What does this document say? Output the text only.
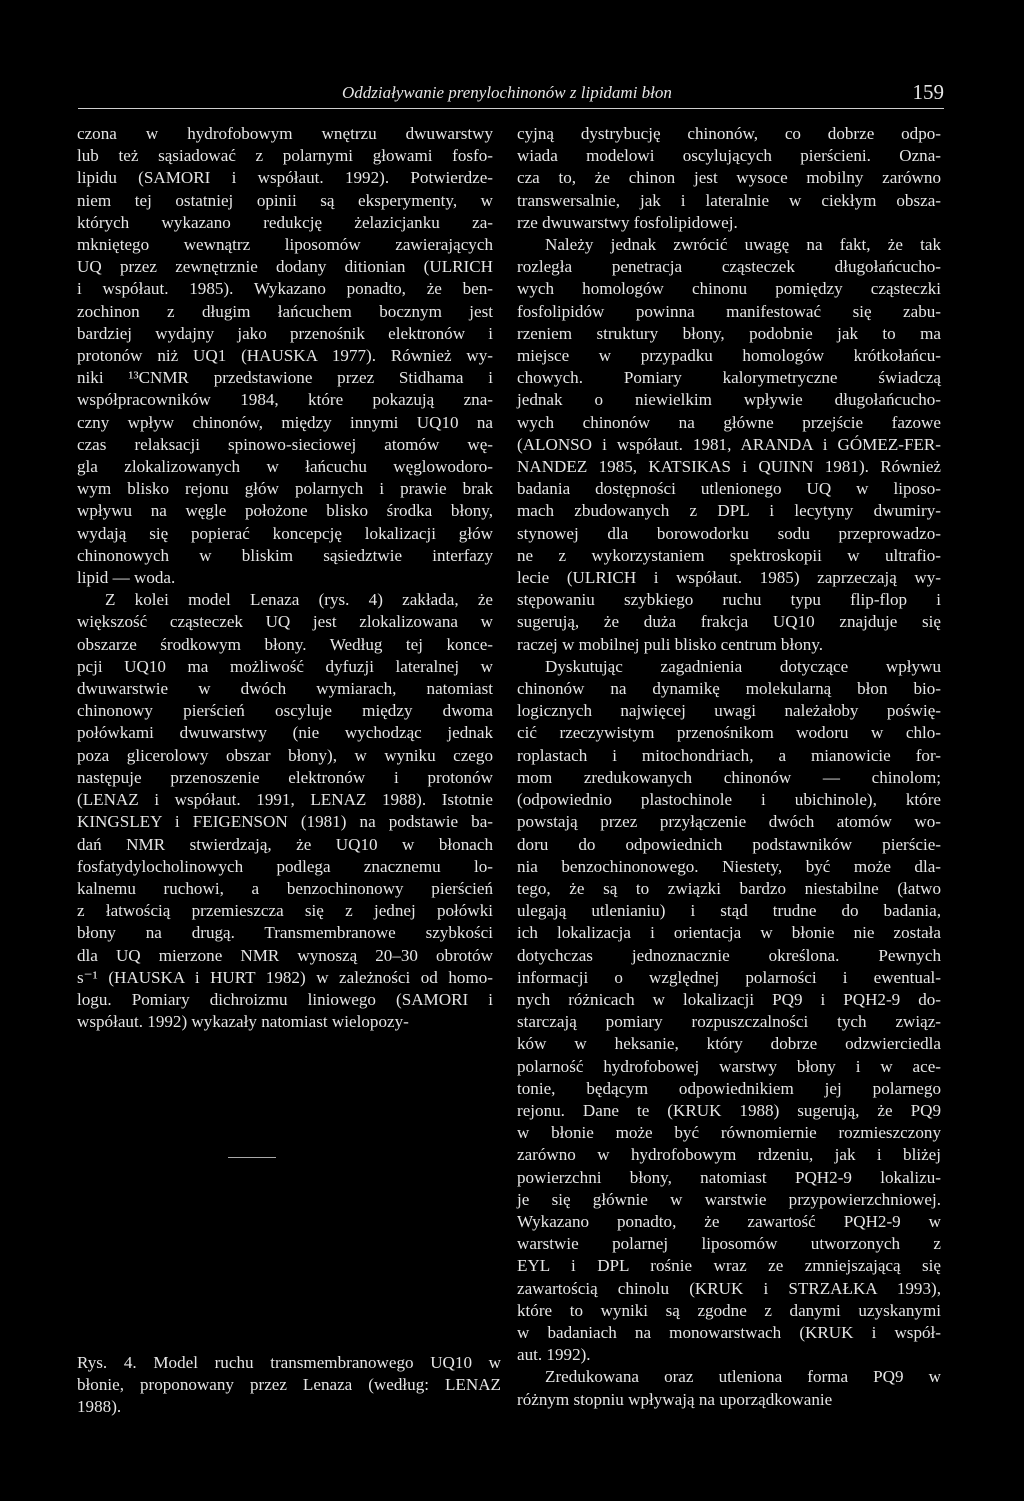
Oddziaływanie prenylochinonów z lipidami błon	159
czona w hydrofobowym wnętrzu dwuwarstwy
lub też sąsiadować z polarnymi głowami fosfo-
lipidu (SAMORI i współaut. 1992). Potwierdze-
niem tej ostatniej opinii są eksperymenty, w
których wykazano redukcję żelazicjanku za-
mkniętego wewnątrz liposomów zawierających
UQ przez zewnętrznie dodany ditionian (ULRICH
i współaut. 1985). Wykazano ponadto, że ben-
zochinon z długim łańcuchem bocznym jest
bardziej wydajny jako przenośnik elektronów i
protonów niż UQ1 (HAUSKA 1977). Również wy-
niki ¹³CNMR przedstawione przez Stidhama i
współpracowników 1984, które pokazują zna-
czny wpływ chinonów, między innymi UQ10 na
czas relaksacji spinowo-sieciowej atomów wę-
gla zlokalizowanych w łańcuchu węglowodoro-
wym blisko rejonu głów polarnych i prawie brak
wpływu na węgle położone blisko środka błony,
wydają się popierać koncepcję lokalizacji głów
chinonowych w bliskim sąsiedztwie interfazy
lipid — woda.
Z kolei model Lenaza (rys. 4) zakłada, że
większość cząsteczek UQ jest zlokalizowana w
obszarze środkowym błony. Według tej konce-
pcji UQ10 ma możliwość dyfuzji lateralnej w
dwuwarstwie w dwóch wymiarach, natomiast
chinonowy pierścień oscyluje między dwoma
połówkami dwuwarstwy (nie wychodząc jednak
poza glicerolowy obszar błony), w wyniku czego
następuje przenoszenie elektronów i protonów
(LENAZ i współaut. 1991, LENAZ 1988). Istotnie
KINGSLEY i FEIGENSON (1981) na podstawie ba-
dań NMR stwierdzają, że UQ10 w błonach
fosfatydylocholinowych podlega znacznemu lo-
kalnemu ruchowi, a benzochinonowy pierścień
z łatwością przemieszcza się z jednej połówki
błony na drugą. Transmembranowe szybkości
dla UQ mierzone NMR wynoszą 20–30 obrotów
s⁻¹ (HAUSKA i HURT 1982) w zależności od homo-
logu. Pomiary dichroizmu liniowego (SAMORI i
współaut. 1992) wykazały natomiast wielopozy-
cyjną dystrybucję chinonów, co dobrze odpo-
wiada modelowi oscylujących pierścieni. Ozna-
cza to, że chinon jest wysoce mobilny zarówno
transwersalnie, jak i lateralnie w ciekłym obsza-
rze dwuwarstwy fosfolipidowej.
Należy jednak zwrócić uwagę na fakt, że tak
rozległa penetracja cząsteczek długołańcucho-
wych homologów chinonu pomiędzy cząsteczki
fosfolipidów powinna manifestować się zabu-
rzeniem struktury błony, podobnie jak to ma
miejsce w przypadku homologów krótkołańcu-
chowych. Pomiary kalorymetryczne świadczą
jednak o niewielkim wpływie długołańcucho-
wych chinonów na główne przejście fazowe
(ALONSO i współaut. 1981, ARANDA i GÓMEZ-FER-
NANDEZ 1985, KATSIKAS i QUINN 1981). Również
badania dostępności utlenionego UQ w liposo-
mach zbudowanych z DPL i lecytyny dwumiry-
stynowej dla borowodorku sodu przeprowadzo-
ne z wykorzystaniem spektroskopii w ultrafio-
lecie (ULRICH i współaut. 1985) zaprzeczają wy-
stępowaniu szybkiego ruchu typu flip-flop i
sugerują, że duża frakcja UQ10 znajduje się
raczej w mobilnej puli blisko centrum błony.
Dyskutując zagadnienia dotyczące wpływu
chinonów na dynamikę molekularną błon bio-
logicznych najwięcej uwagi należałoby poświę-
cić rzeczywistym przenośnikom wodoru w chlo-
roplastach i mitochondriach, a mianowicie for-
mom zredukowanych chinonów — chinolom;
(odpowiednio plastochinole i ubichinole), które
powstają przez przyłączenie dwóch atomów wo-
doru do odpowiednich podstawników pierście-
nia benzochinonowego. Niestety, być może dla-
tego, że są to związki bardzo niestabilne (łatwo
ulegają utlenianiu) i stąd trudne do badania,
ich lokalizacja i orientacja w błonie nie została
dotychczas jednoznacznie określona. Pewnych
informacji o względnej polarności i ewentual-
nych różnicach w lokalizacji PQ9 i PQH2-9 do-
starczają pomiary rozpuszczalności tych związ-
ków w heksanie, który dobrze odzwierciedla
polarność hydrofobowej warstwy błony i w ace-
tonie, będącym odpowiednikiem jej polarnego
rejonu. Dane te (KRUK 1988) sugerują, że PQ9
w błonie może być równomiernie rozmieszczony
zarówno w hydrofobowym rdzeniu, jak i bliżej
powierzchni błony, natomiast PQH2-9 lokalizu-
je się głównie w warstwie przypowierzchniowej.
Wykazano ponadto, że zawartość PQH2-9 w
warstwie polarnej liposomów utworzonych z
EYL i DPL rośnie wraz ze zmniejszającą się
zawartością chinolu (KRUK i STRZAŁKA 1993),
które to wyniki są zgodne z danymi uzyskanymi
w badaniach na monowarstwach (KRUK i współ-
aut. 1992).
Zredukowana oraz utleniona forma PQ9 w
różnym stopniu wpływają na uporządkowanie
Rys. 4. Model ruchu transmembranowego UQ10 w
błonie, proponowany przez Lenaza (według: LENAZ
1988).
